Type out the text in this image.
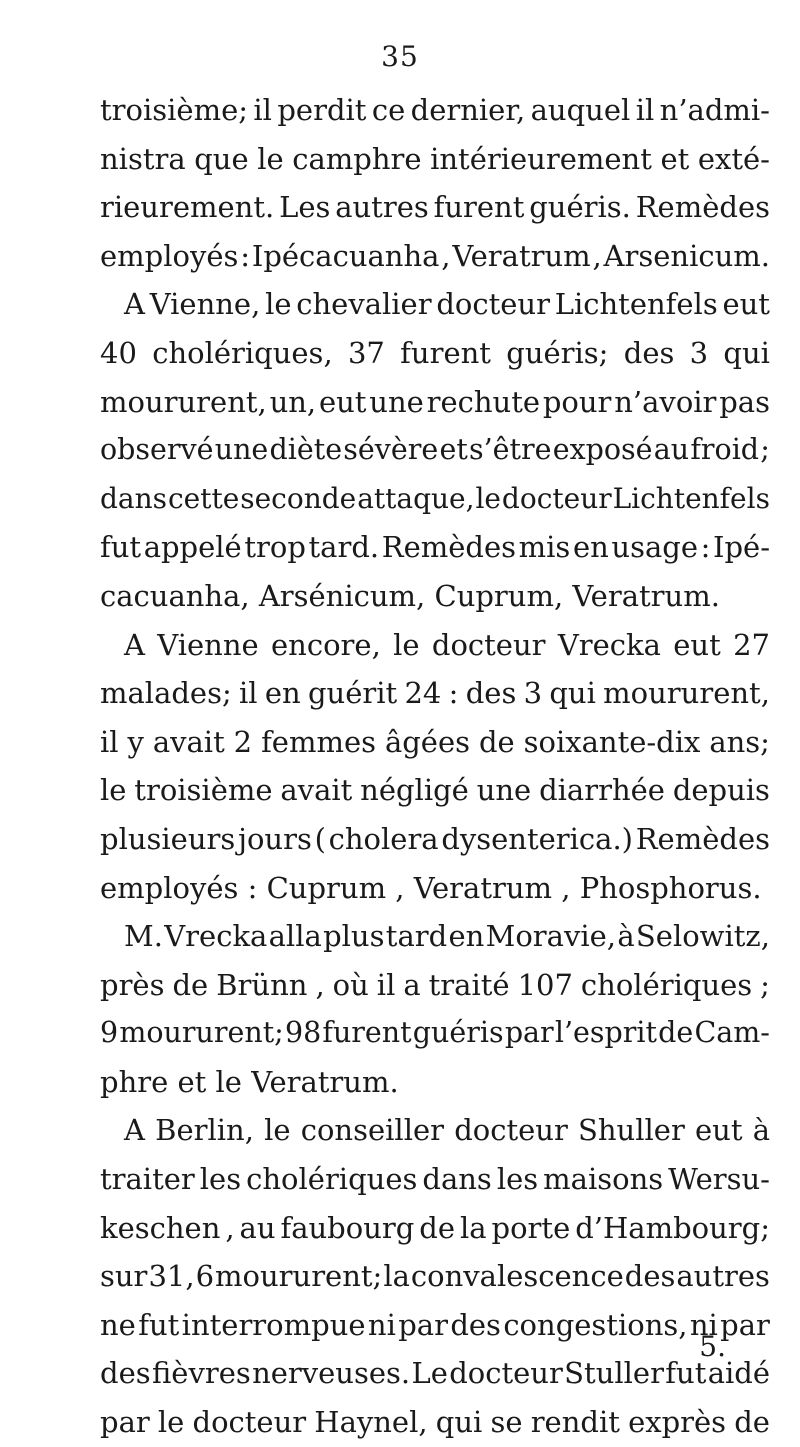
35
troisième; il perdit ce dernier, auquel il n’admi-
nistra que le camphre intérieurement et exté-
rieurement. Les autres furent guéris. Remèdes
employés : Ipécacuanha , Veratrum , Arsenicum.
A Vienne, le chevalier docteur Lichtenfels eut
40 cholériques, 37 furent guéris; des 3 qui
moururent, un, eut une rechute pour n’avoir pas
observé une diète sévère et s’être exposé au froid ;
dans cette seconde attaque, le docteur Lichtenfels
fut appelé trop tard. Remèdes mis en usage : Ipé-
cacuanha, Arsénicum, Cuprum, Veratrum.
A Vienne encore, le docteur Vrecka eut 27
malades; il en guérit 24 : des 3 qui moururent,
il y avait 2 femmes âgées de soixante-dix ans;
le troisième avait négligé une diarrhée depuis
plusieurs jours ( cholera dysenterica.) Remèdes
employés : Cuprum , Veratrum , Phosphorus.
M. Vrecka alla plus tard en Moravie, à Selowitz,
près de Brünn , où il a traité 107 cholériques ;
9 moururent; 98 furent guéris par l’esprit de Cam-
phre et le Veratrum.
A Berlin, le conseiller docteur Shuller eut à
traiter les cholériques dans les maisons Wersu-
keschen , au faubourg de la porte d’Hambourg;
sur 31, 6 moururent; la convalescence des autres
ne fut interrompue ni par des congestions, ni par
des fièvres nerveuses. Le docteur Stuller fut aidé
par le docteur Haynel, qui se rendit exprès de
5.
